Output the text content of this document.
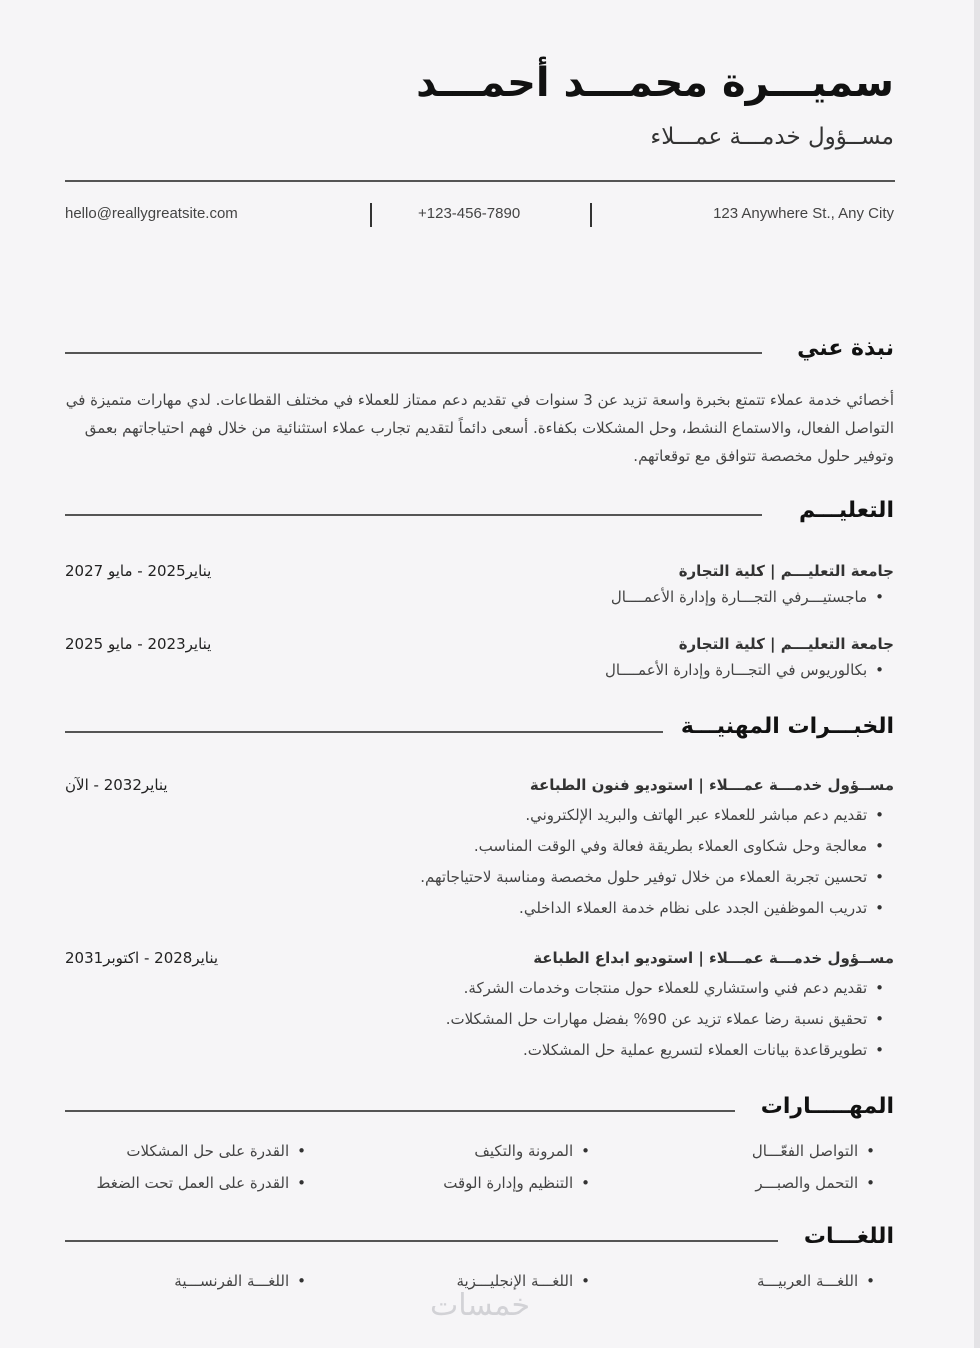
سميـــرة محمـــد أحمـــد
مســؤول خدمـــة عمـــلاء
hello@reallygreatsite.com	+123-456-7890	123 Anywhere St., Any City
نبذة عني
أخصائي خدمة عملاء تتمتع بخبرة واسعة تزيد عن 3 سنوات في تقديم دعم ممتاز للعملاء في مختلف القطاعات. لدي مهارات متميزة في التواصل الفعال، والاستماع النشط، وحل المشكلات بكفاءة. أسعى دائماً لتقديم تجارب عملاء استثنائية من خلال فهم احتياجاتهم بعمق وتوفير حلول مخصصة تتوافق مع توقعاتهم.
التعليـــم
جامعة التعليـــم | كلية التجارة
يناير2025 - مايو 2027
• ماجستيـــرفي التجـــارة وإدارة الأعمــــال
جامعة التعليـــم | كلية التجارة
يناير2023 - مايو 2025
• بكالوريوس في التجـــارة وإدارة الأعمــــال
الخبـــرات المهنيـــة
مســؤول خدمـــة عمـــلاء | استوديو فنون الطباعة
يناير2032 - الآن
• تقديم دعم مباشر للعملاء عبر الهاتف والبريد الإلكتروني.
• معالجة وحل شكاوى العملاء بطريقة فعالة وفي الوقت المناسب.
• تحسين تجربة العملاء من خلال توفير حلول مخصصة ومناسبة لاحتياجاتهم.
• تدريب الموظفين الجدد على نظام خدمة العملاء الداخلي.
مســؤول خدمـــة عمـــلاء | استوديو ابداع الطباعة
يناير2028 - اكتوبر2031
• تقديم دعم فني واستشاري للعملاء حول منتجات وخدمات الشركة.
• تحقيق نسبة رضا عملاء تزيد عن 90% بفضل مهارات حل المشكلات.
• تطويرقاعدة بيانات العملاء لتسريع عملية حل المشكلات.
المهـــــارات
• التواصل الفعّـــال
• المرونة والتكيف
• القدرة على حل المشكلات
• التحمل والصبـــر
• التنظيم وإدارة الوقت
• القدرة على العمل تحت الضغط
اللغـــات
• اللغـــة العربيـــة
• اللغـــة الإنجليـــزية
• اللغـــة الفرنســـية
خمسات
